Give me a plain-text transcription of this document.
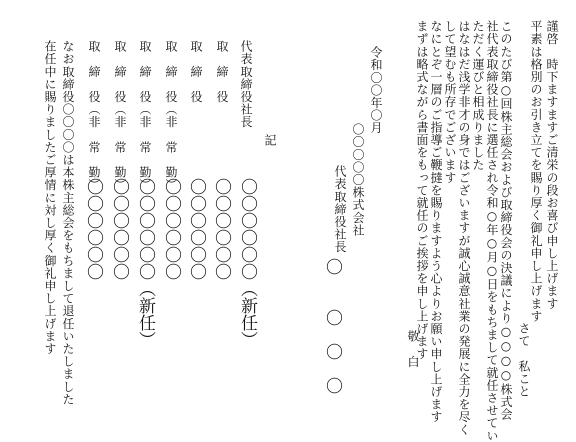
謹啓　時下ますますご清栄の段お喜び申し上げます
平素は格別のお引き立てを賜り厚く御礼申し上げます
さて　私こと
このたび第○回株主総会および取締役会の決議により○○○○株式会
社代表取締役社長に選任され令和○年○月○日をもちまして就任させてい
ただく運びと相成りました
はなはだ浅学非才の身ではございますが誠心誠意社業の発展に全力を尽く
して望むも所存でございます
なにとぞ一層のご指導ご鞭撻を賜りますよう心よりお願い申し上げます
まずは略式ながら書面をもって就任のご挨拶を申し上げます
敬　白
令和〇〇年〇月
〇〇〇〇〇株式会社
代表取締役社長
〇　　〇　〇　〇
記
代表取締役社長
取　締　役
取　締　役
取　締　役（非　常　勤）
取　締　役（非　常　勤）
取　締　役（非　常　勤）
取　締　役（非　常　勤）
〇〇〇〇〇〇（新任）
〇〇〇〇〇〇
〇〇〇〇〇〇
〇〇〇〇〇〇
〇〇〇〇〇〇（新任）
〇〇〇〇〇〇
〇〇〇〇〇〇
なお取締役〇〇〇〇は本株主総会をもちまして退任いたしました
在任中に賜りましたご厚情に対し厚く御礼申し上げます
